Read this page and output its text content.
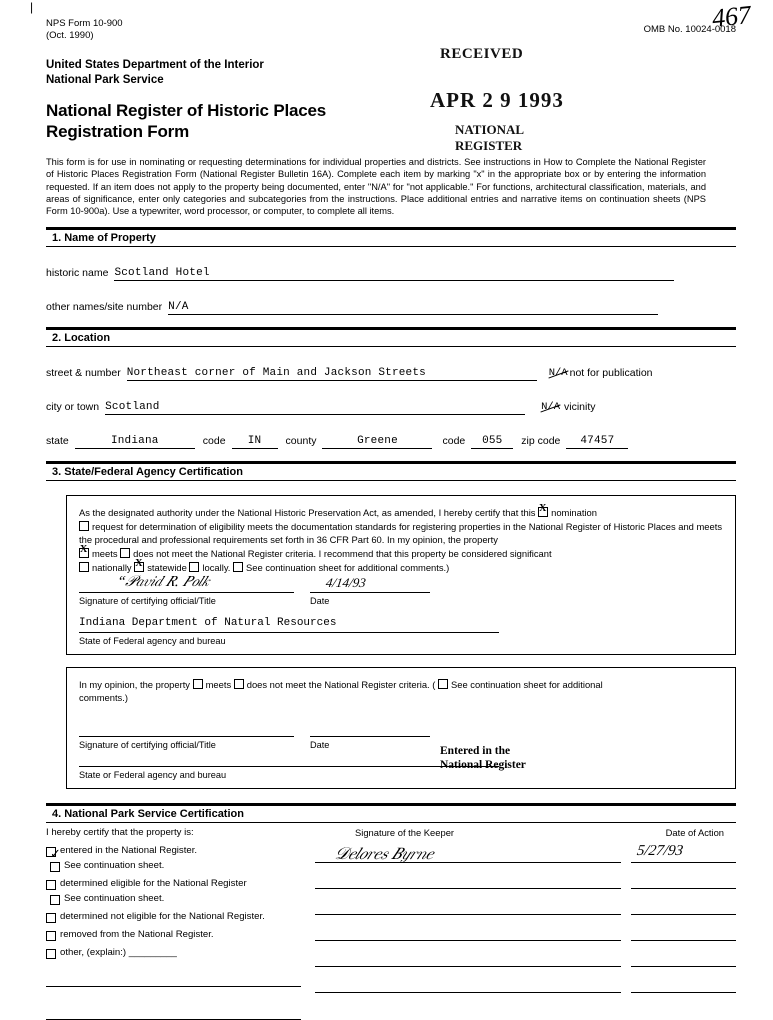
|	467
RECEIVED
APR 2 9 1993
NATIONAL
REGISTER
Entered in the
National Register
NPS Form 10-900
(Oct. 1990)
OMB No. 10024-0018
United States Department of the Interior
National Park Service
National Register of Historic Places
Registration Form
This form is for use in nominating or requesting determinations for individual properties and districts. See instructions in How to Complete the National Register of Historic Places Registration Form (National Register Bulletin 16A). Complete each item by marking "x" in the appropriate box or by entering the information requested. If an item does not apply to the property being documented, enter "N/A" for "not applicable." For functions, architectural classification, materials, and areas of significance, enter only categories and subcategories from the instructions. Place additional entries and narrative items on continuation sheets (NPS Form 10-900a). Use a typewriter, word processor, or computer, to complete all items.
1. Name of Property
historic name Scotland Hotel
other names/site number N/A
2. Location
street & number Northeast corner of Main and Jackson Streets	N/A not for publication
city or town Scotland	N/A vicinity
state	Indiana	code	IN	county	Greene	code	055	zip code	47457
3. State/Federal Agency Certification
As the designated authority under the National Historic Preservation Act, as amended, I hereby certify that this X nomination
request for determination of eligibility meets the documentation standards for registering properties in the National Register of Historic Places and meets the procedural and professional requirements set forth in 36 CFR Part 60. In my opinion, the property
Xmeets does not meet the National Register criteria. I recommend that this property be considered significant
nationally X statewide locally. See continuation sheet for additional comments.)
“𝒫𝑎𝑣𝑖𝑑 𝑅. 𝑃𝑜𝑙𝑘	4/14/93
Signature of certifying official/Title	Date
Indiana Department of Natural Resources
State of Federal agency and bureau
In my opinion, the property meets does not meet the National Register criteria. ( See continuation sheet for additional
comments.)
Signature of certifying official/Title	Date
State or Federal agency and bureau
4. National Park Service Certification
I hereby certify that the property is:
entered in the National Register.
✓
See continuation sheet.
determined eligible for the National Register
See continuation sheet.
determined not eligible for the National Register.
removed from the National Register.
other, (explain:) _________
Signature of the Keeper	Date of Action
𝒟𝑒𝑙𝑜𝑟𝑒𝑠 𝐵𝑦𝑟𝑛𝑒	5/27/93
